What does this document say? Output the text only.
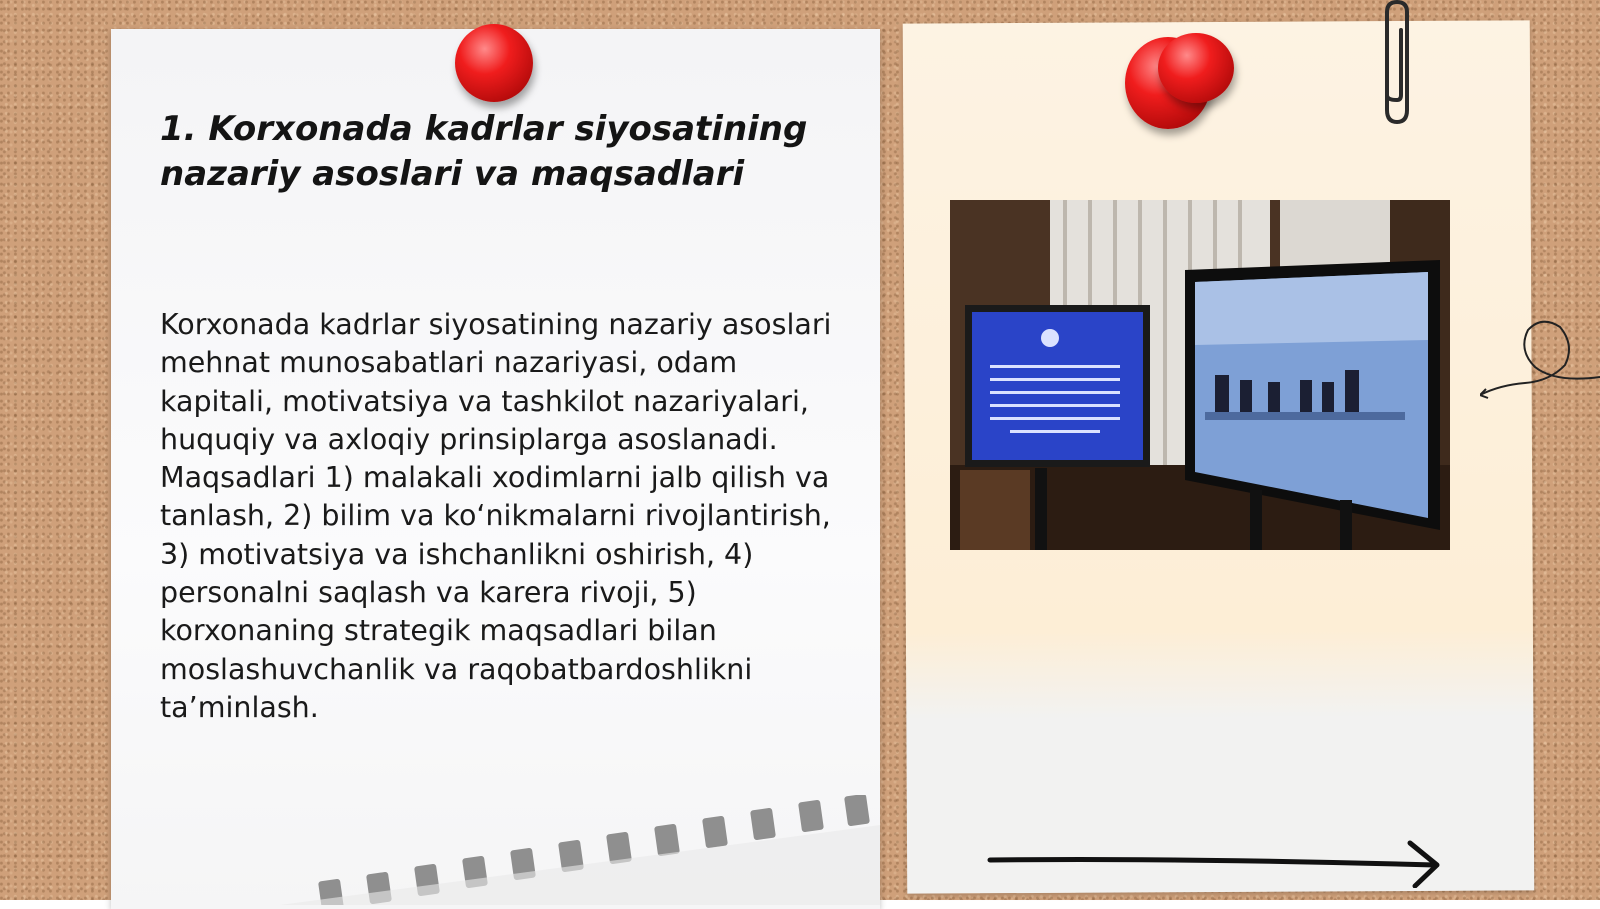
1. Korxonada kadrlar siyosatining nazariy asoslari va maqsadlari

Korxonada kadrlar siyosatining nazariy asoslari mehnat munosabatlari nazariyasi, odam kapitali, motivatsiya va tashkilot nazariyalari, huquqiy va axloqiy prinsiplarga asoslanadi. Maqsadlari 1) malakali xodimlarni jalb qilish va tanlash, 2) bilim va ko‘nikmalarni rivojlantirish, 3) motivatsiya va ishchanlikni oshirish, 4) personalni saqlash va karera rivoji, 5) korxonaning strategik maqsadlari bilan moslashuvchanlik va raqobatbardoshlikni ta’minlash.
